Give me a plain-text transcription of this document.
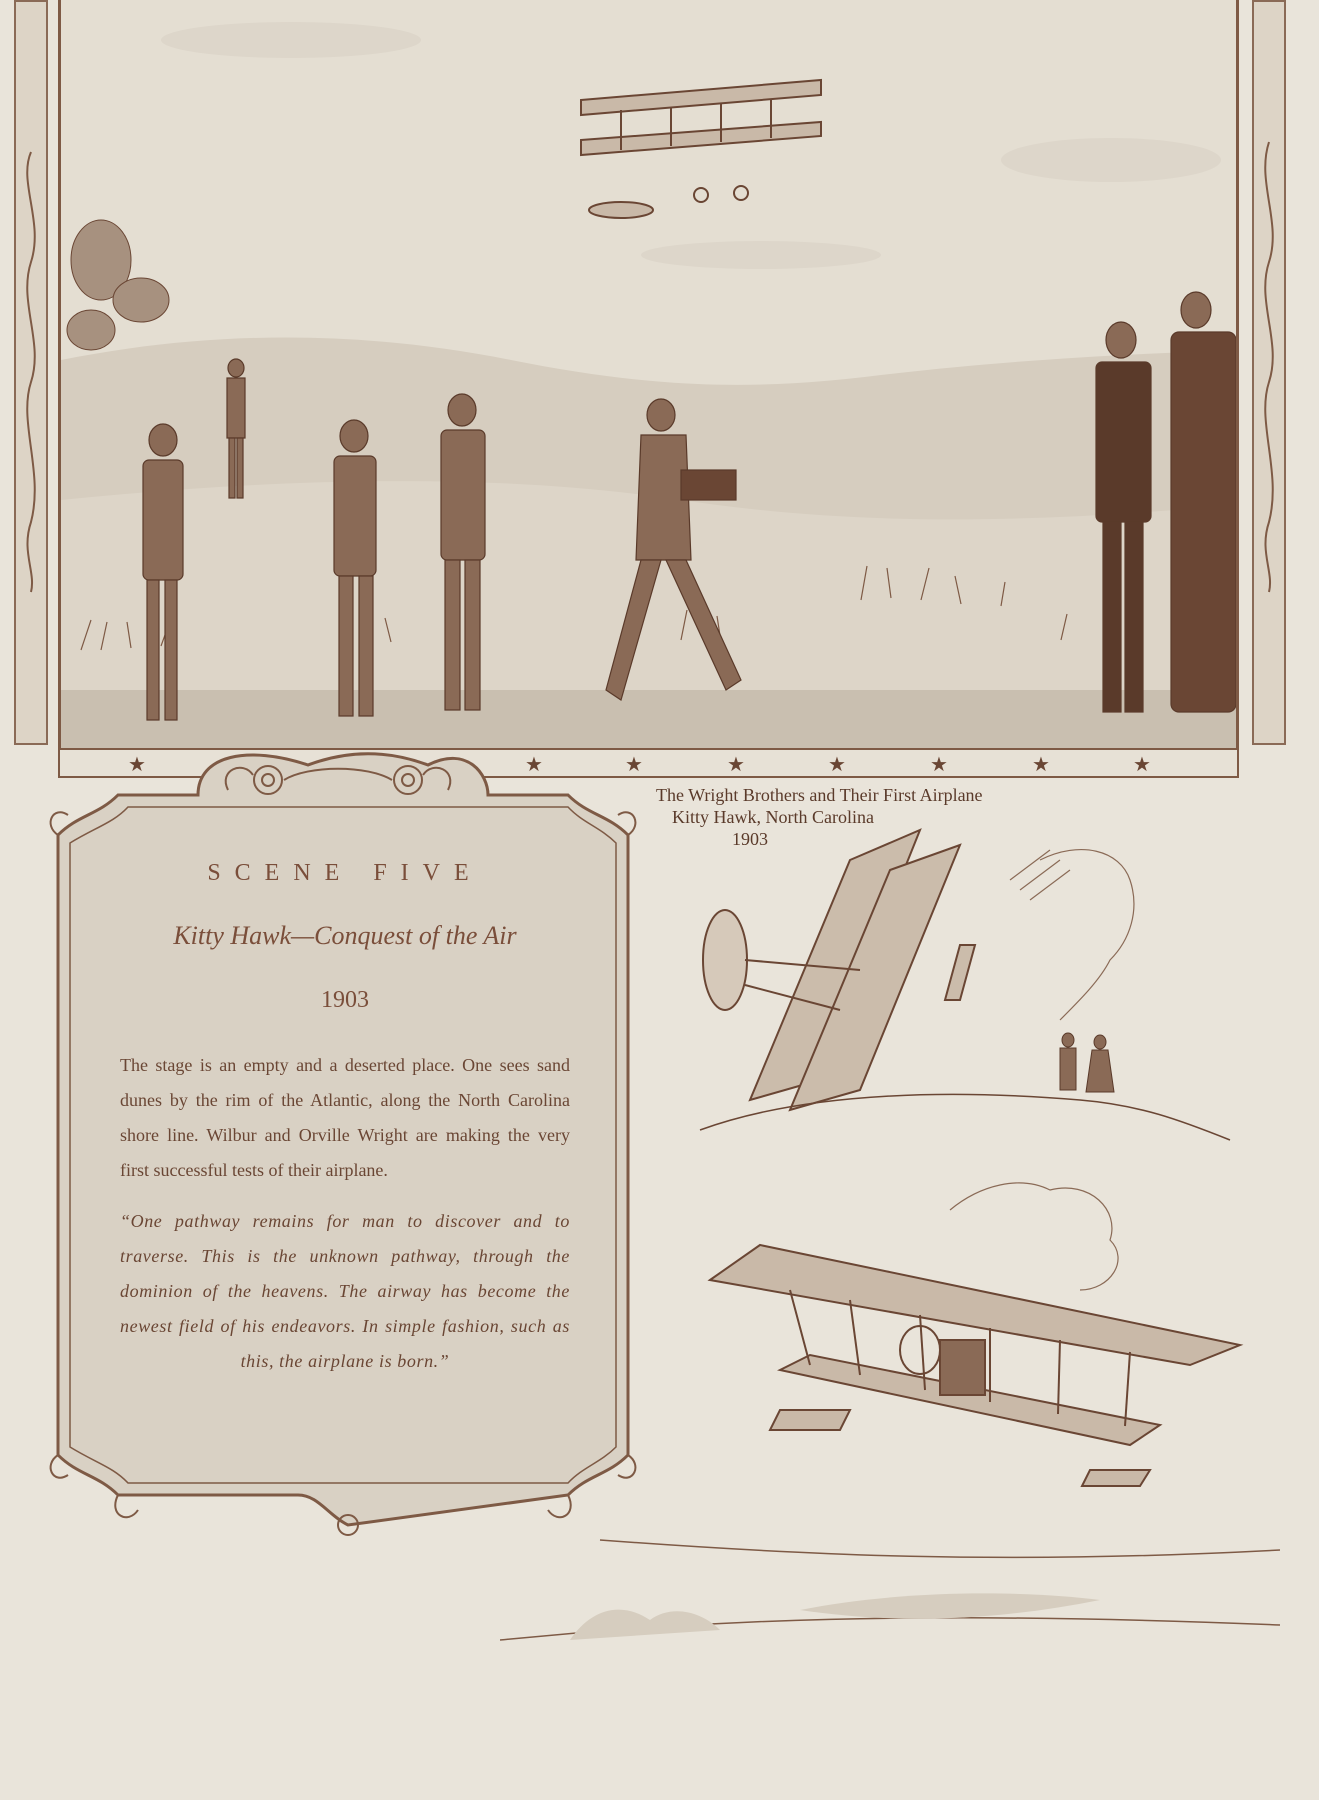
★	★	★	★	★	★	★	★
SCENE FIVE
Kitty Hawk—Conquest of the Air
1903

The stage is an empty and a deserted place. One sees sand dunes by the rim of the Atlantic, along the North Carolina shore line. Wilbur and Orville Wright are making the very first successful tests of their airplane.

“One pathway remains for man to discover and to traverse. This is the unknown pathway, through the dominion of the heavens. The airway has become the newest field of his endeavors. In simple fashion, such as this, the airplane is born.”

The Wright Brothers and Their First Airplane
Kitty Hawk, North Carolina
1903
